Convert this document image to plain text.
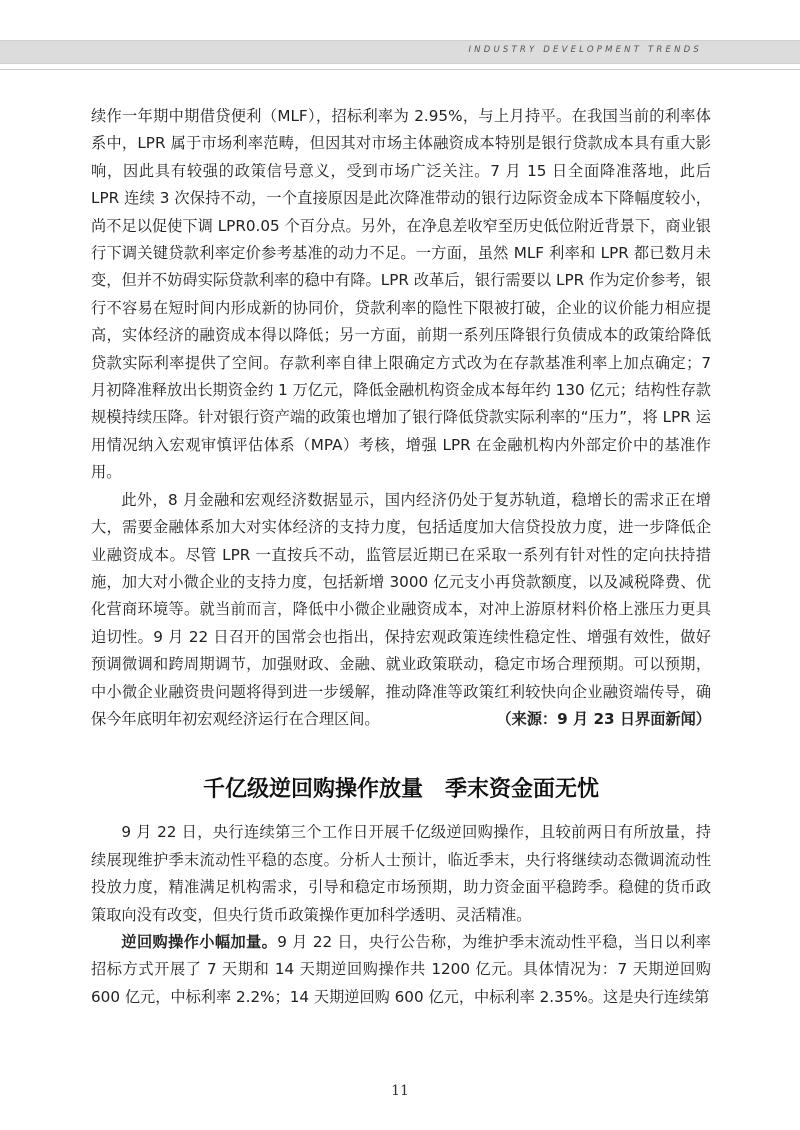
INDUSTRY DEVELOPMENT TRENDS

续作一年期中期借贷便利（MLF），招标利率为 2.95%，与上月持平。在我国当前的利率体系中，LPR 属于市场利率范畴，但因其对市场主体融资成本特别是银行贷款成本具有重大影响，因此具有较强的政策信号意义，受到市场广泛关注。7 月 15 日全面降准落地，此后 LPR 连续 3 次保持不动，一个直接原因是此次降准带动的银行边际资金成本下降幅度较小，尚不足以促使下调 LPR0.05 个百分点。另外，在净息差收窄至历史低位附近背景下，商业银行下调关键贷款利率定价参考基准的动力不足。一方面，虽然 MLF 利率和 LPR 都已数月未变，但并不妨碍实际贷款利率的稳中有降。LPR 改革后，银行需要以 LPR 作为定价参考，银行不容易在短时间内形成新的协同价，贷款利率的隐性下限被打破，企业的议价能力相应提高，实体经济的融资成本得以降低；另一方面，前期一系列压降银行负债成本的政策给降低贷款实际利率提供了空间。存款利率自律上限确定方式改为在存款基准利率上加点确定；7 月初降准释放出长期资金约 1 万亿元，降低金融机构资金成本每年约 130 亿元；结构性存款规模持续压降。针对银行资产端的政策也增加了银行降低贷款实际利率的“压力”，将 LPR 运用情况纳入宏观审慎评估体系（MPA）考核，增强 LPR 在金融机构内外部定价中的基准作用。

此外，8 月金融和宏观经济数据显示，国内经济仍处于复苏轨道，稳增长的需求正在增大，需要金融体系加大对实体经济的支持力度，包括适度加大信贷投放力度，进一步降低企业融资成本。尽管 LPR 一直按兵不动，监管层近期已在采取一系列有针对性的定向扶持措施，加大对小微企业的支持力度，包括新增 3000 亿元支小再贷款额度，以及减税降费、优化营商环境等。就当前而言，降低中小微企业融资成本，对冲上游原材料价格上涨压力更具迫切性。9 月 22 日召开的国常会也指出，保持宏观政策连续性稳定性、增强有效性，做好预调微调和跨周期调节，加强财政、金融、就业政策联动，稳定市场合理预期。可以预期，中小微企业融资贵问题将得到进一步缓解，推动降准等政策红利较快向企业融资端传导，确保今年底明年初宏观经济运行在合理区间。	（来源：9 月 23 日界面新闻）

千亿级逆回购操作放量　季末资金面无忧

9 月 22 日，央行连续第三个工作日开展千亿级逆回购操作，且较前两日有所放量，持续展现维护季末流动性平稳的态度。分析人士预计，临近季末，央行将继续动态微调流动性投放力度，精准满足机构需求，引导和稳定市场预期，助力资金面平稳跨季。稳健的货币政策取向没有改变，但央行货币政策操作更加科学透明、灵活精准。

逆回购操作小幅加量。9 月 22 日，央行公告称，为维护季末流动性平稳，当日以利率招标方式开展了 7 天期和 14 天期逆回购操作共 1200 亿元。具体情况为：7 天期逆回购 600 亿元，中标利率 2.2%；14 天期逆回购 600 亿元，中标利率 2.35%。这是央行连续第

11
